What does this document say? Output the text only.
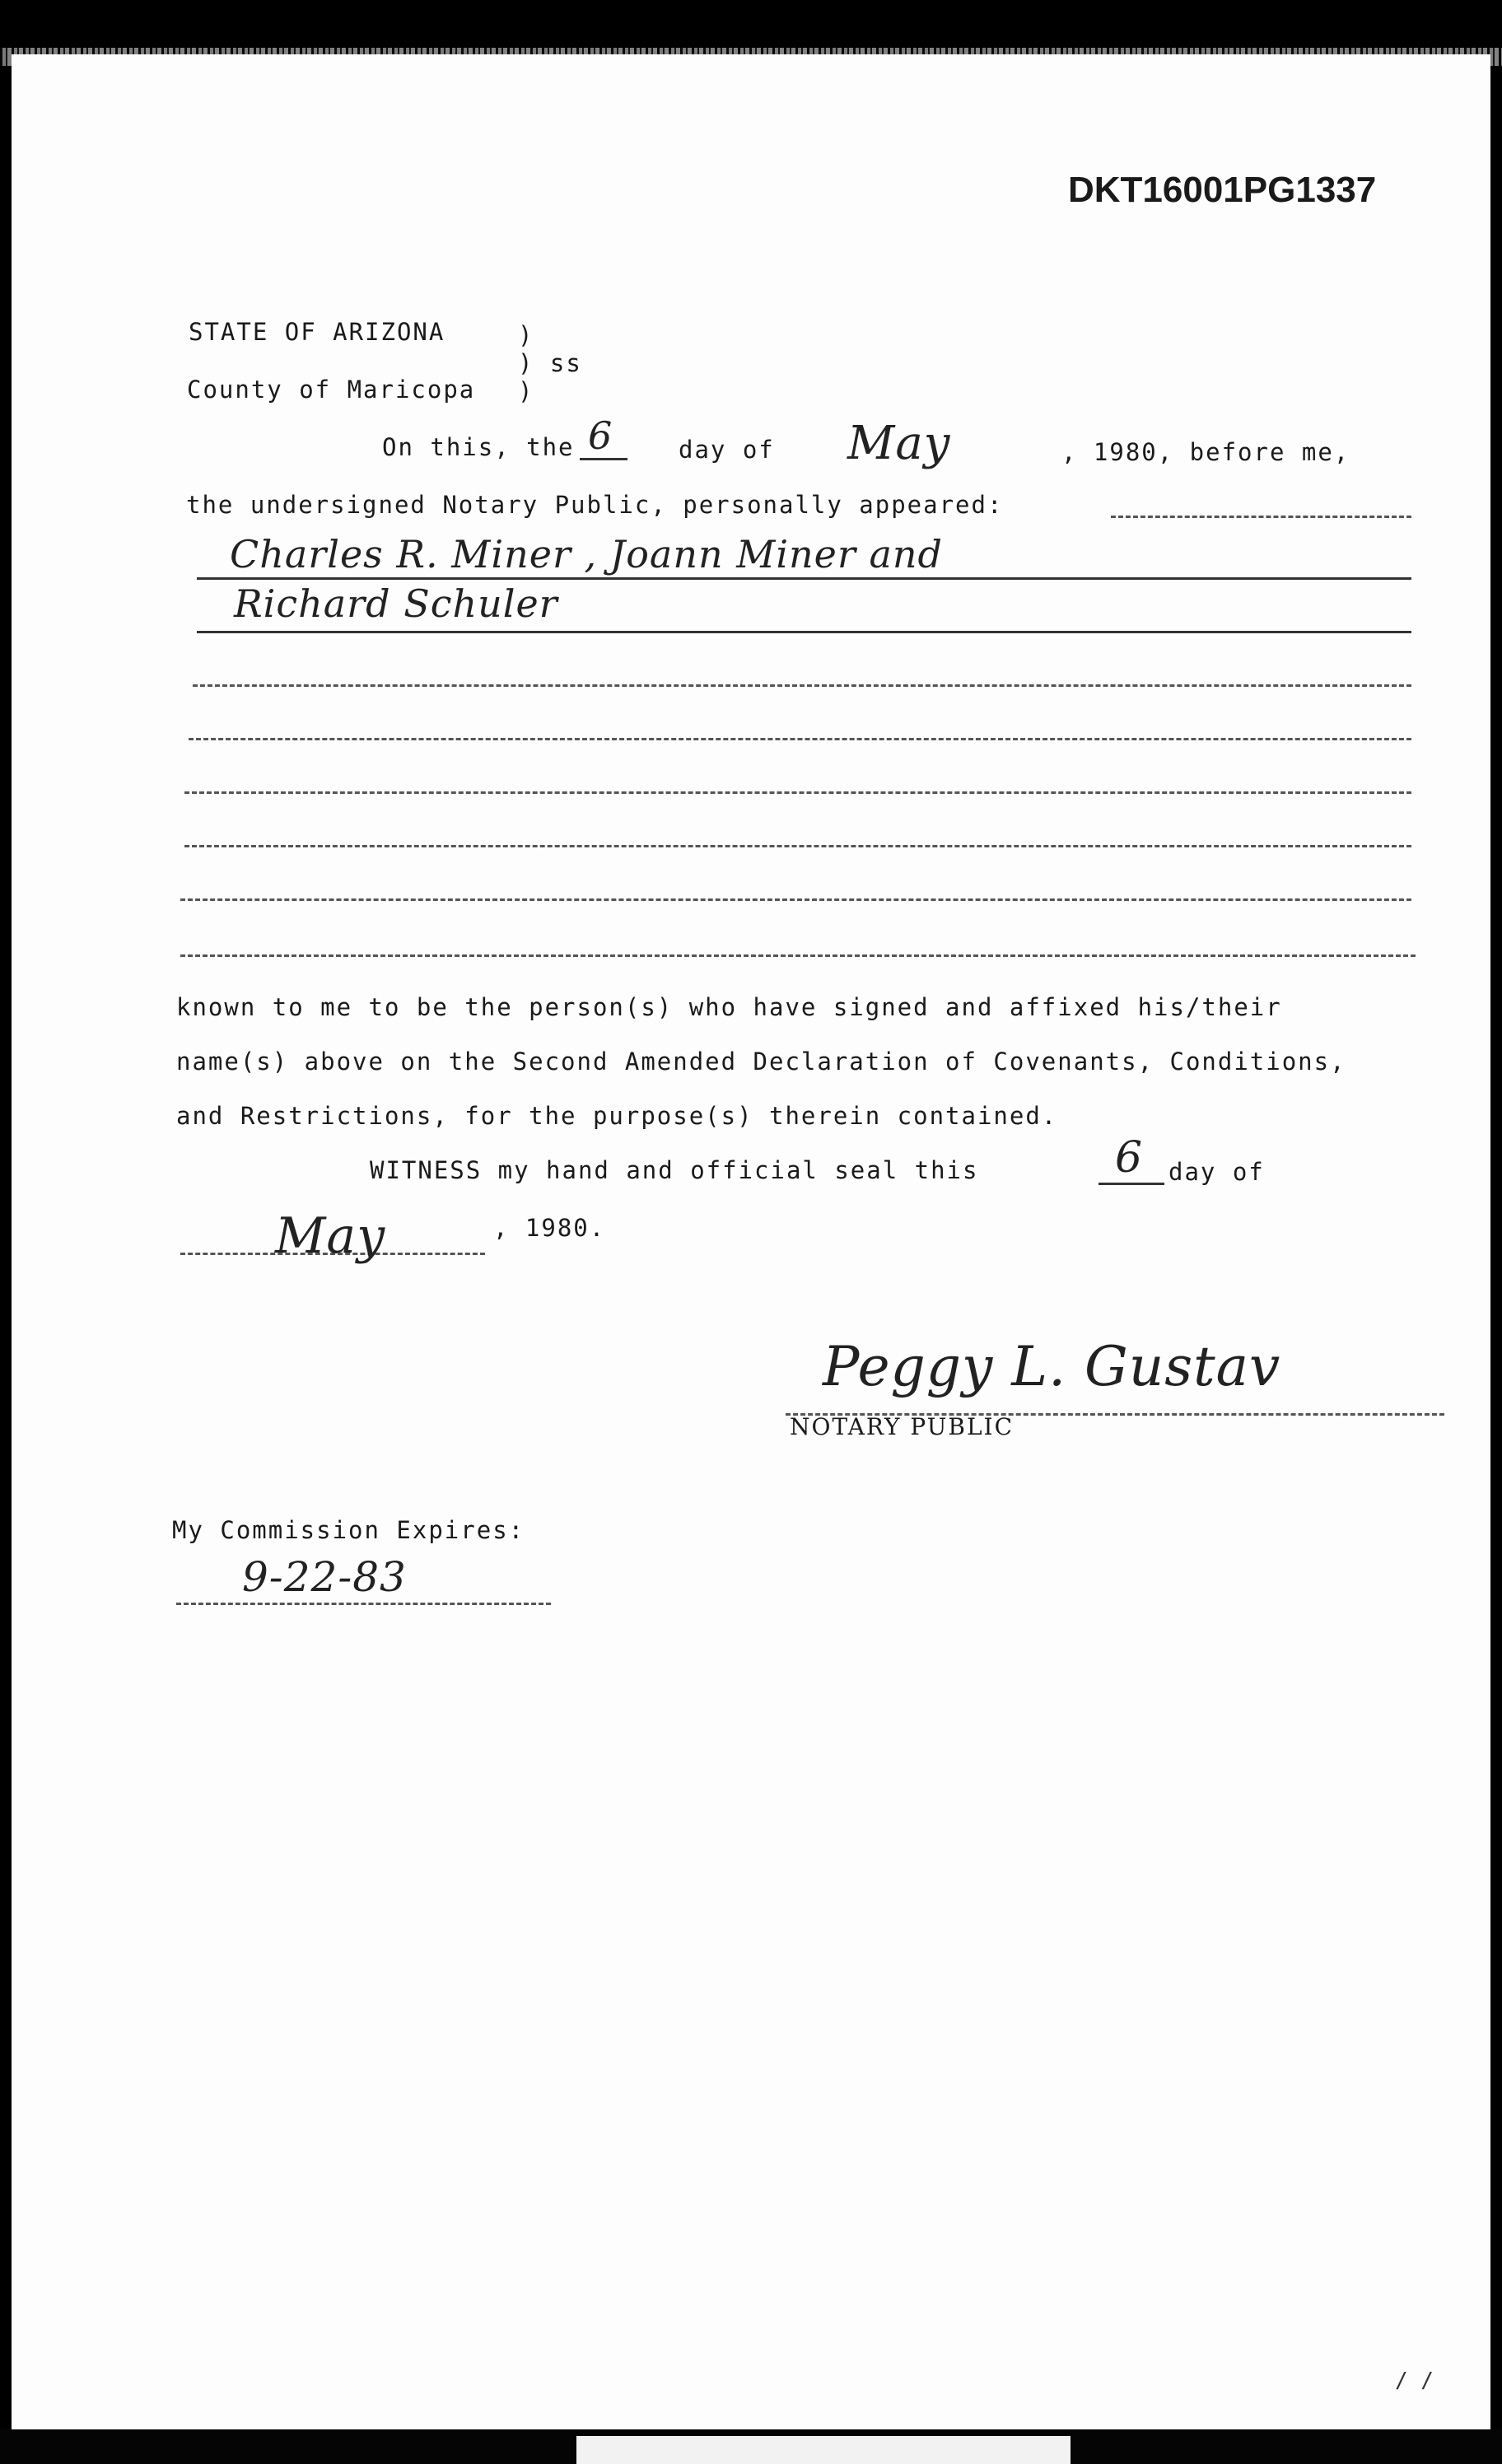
DKT16001PG1337
STATE OF ARIZONA	)
) ss
County of Maricopa )
On this, the 6	day of May	, 1980, before me,
the undersigned Notary Public, personally appeared:
Charles R. Miner , Joann Miner and
Richard Schuler
known to me to be the person(s) who have signed and affixed his/their
name(s) above on the Second Amended Declaration of Covenants, Conditions,
and Restrictions, for the purpose(s) therein contained.
WITNESS my hand and official seal this	6 day of
May	, 1980.
Peggy L. Gustav
NOTARY PUBLIC
My Commission Expires:
9-22-83
/ /
